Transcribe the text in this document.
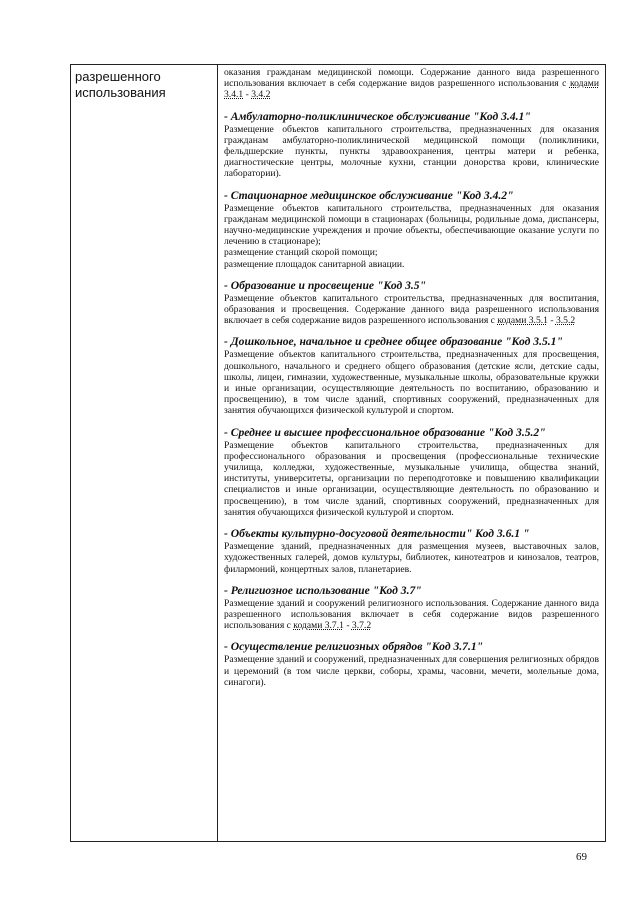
разрешенного
использования

оказания гражданам медицинской помощи. Содержание данного вида разрешенного использования включает в себя содержание видов разрешенного использования с кодами 3.4.1 - 3.4.2

- Амбулаторно-поликлиническое обслуживание "Код 3.4.1"

Размещение объектов капитального строительства, предназначенных для оказания гражданам амбулаторно-поликлинической медицинской помощи (поликлиники, фельдшерские пункты, пункты здравоохранения, центры матери и ребенка, диагностические центры, молочные кухни, станции донорства крови, клинические лаборатории).

- Стационарное медицинское обслуживание "Код 3.4.2"

Размещение объектов капитального строительства, предназначенных для оказания гражданам медицинской помощи в стационарах (больницы, родильные дома, диспансеры, научно-медицинские учреждения и прочие объекты, обеспечивающие оказание услуги по лечению в стационаре);

размещение станций скорой помощи;

размещение площадок санитарной авиации.

- Образование и просвещение "Код 3.5"

Размещение объектов капитального строительства, предназначенных для воспитания, образования и просвещения. Содержание данного вида разрешенного использования включает в себя содержание видов разрешенного использования с кодами 3.5.1 - 3.5.2

- Дошкольное, начальное и среднее общее образование "Код 3.5.1"

Размещение объектов капитального строительства, предназначенных для просвещения, дошкольного, начального и среднего общего образования (детские ясли, детские сады, школы, лицеи, гимназии, художественные, музыкальные школы, образовательные кружки и иные организации, осуществляющие деятельность по воспитанию, образованию и просвещению), в том числе зданий, спортивных сооружений, предназначенных для занятия обучающихся физической культурой и спортом.

- Среднее и высшее профессиональное образование "Код 3.5.2"

Размещение объектов капитального строительства, предназначенных для профессионального образования и просвещения (профессиональные технические училища, колледжи, художественные, музыкальные училища, общества знаний, институты, университеты, организации по переподготовке и повышению квалификации специалистов и иные организации, осуществляющие деятельность по образованию и просвещению), в том числе зданий, спортивных сооружений, предназначенных для занятия обучающихся физической культурой и спортом.

- Объекты культурно-досуговой деятельности" Код 3.6.1 "

Размещение зданий, предназначенных для размещения музеев, выставочных залов, художественных галерей, домов культуры, библиотек, кинотеатров и кинозалов, театров, филармоний, концертных залов, планетариев.

- Религиозное использование "Код 3.7"

Размещение зданий и сооружений религиозного использования. Содержание данного вида разрешенного использования включает в себя содержание видов разрешенного использования с кодами 3.7.1 - 3.7.2

- Осуществление религиозных обрядов "Код 3.7.1"

Размещение зданий и сооружений, предназначенных для совершения религиозных обрядов и церемоний (в том числе церкви, соборы, храмы, часовни, мечети, молельные дома, синагоги).

69
